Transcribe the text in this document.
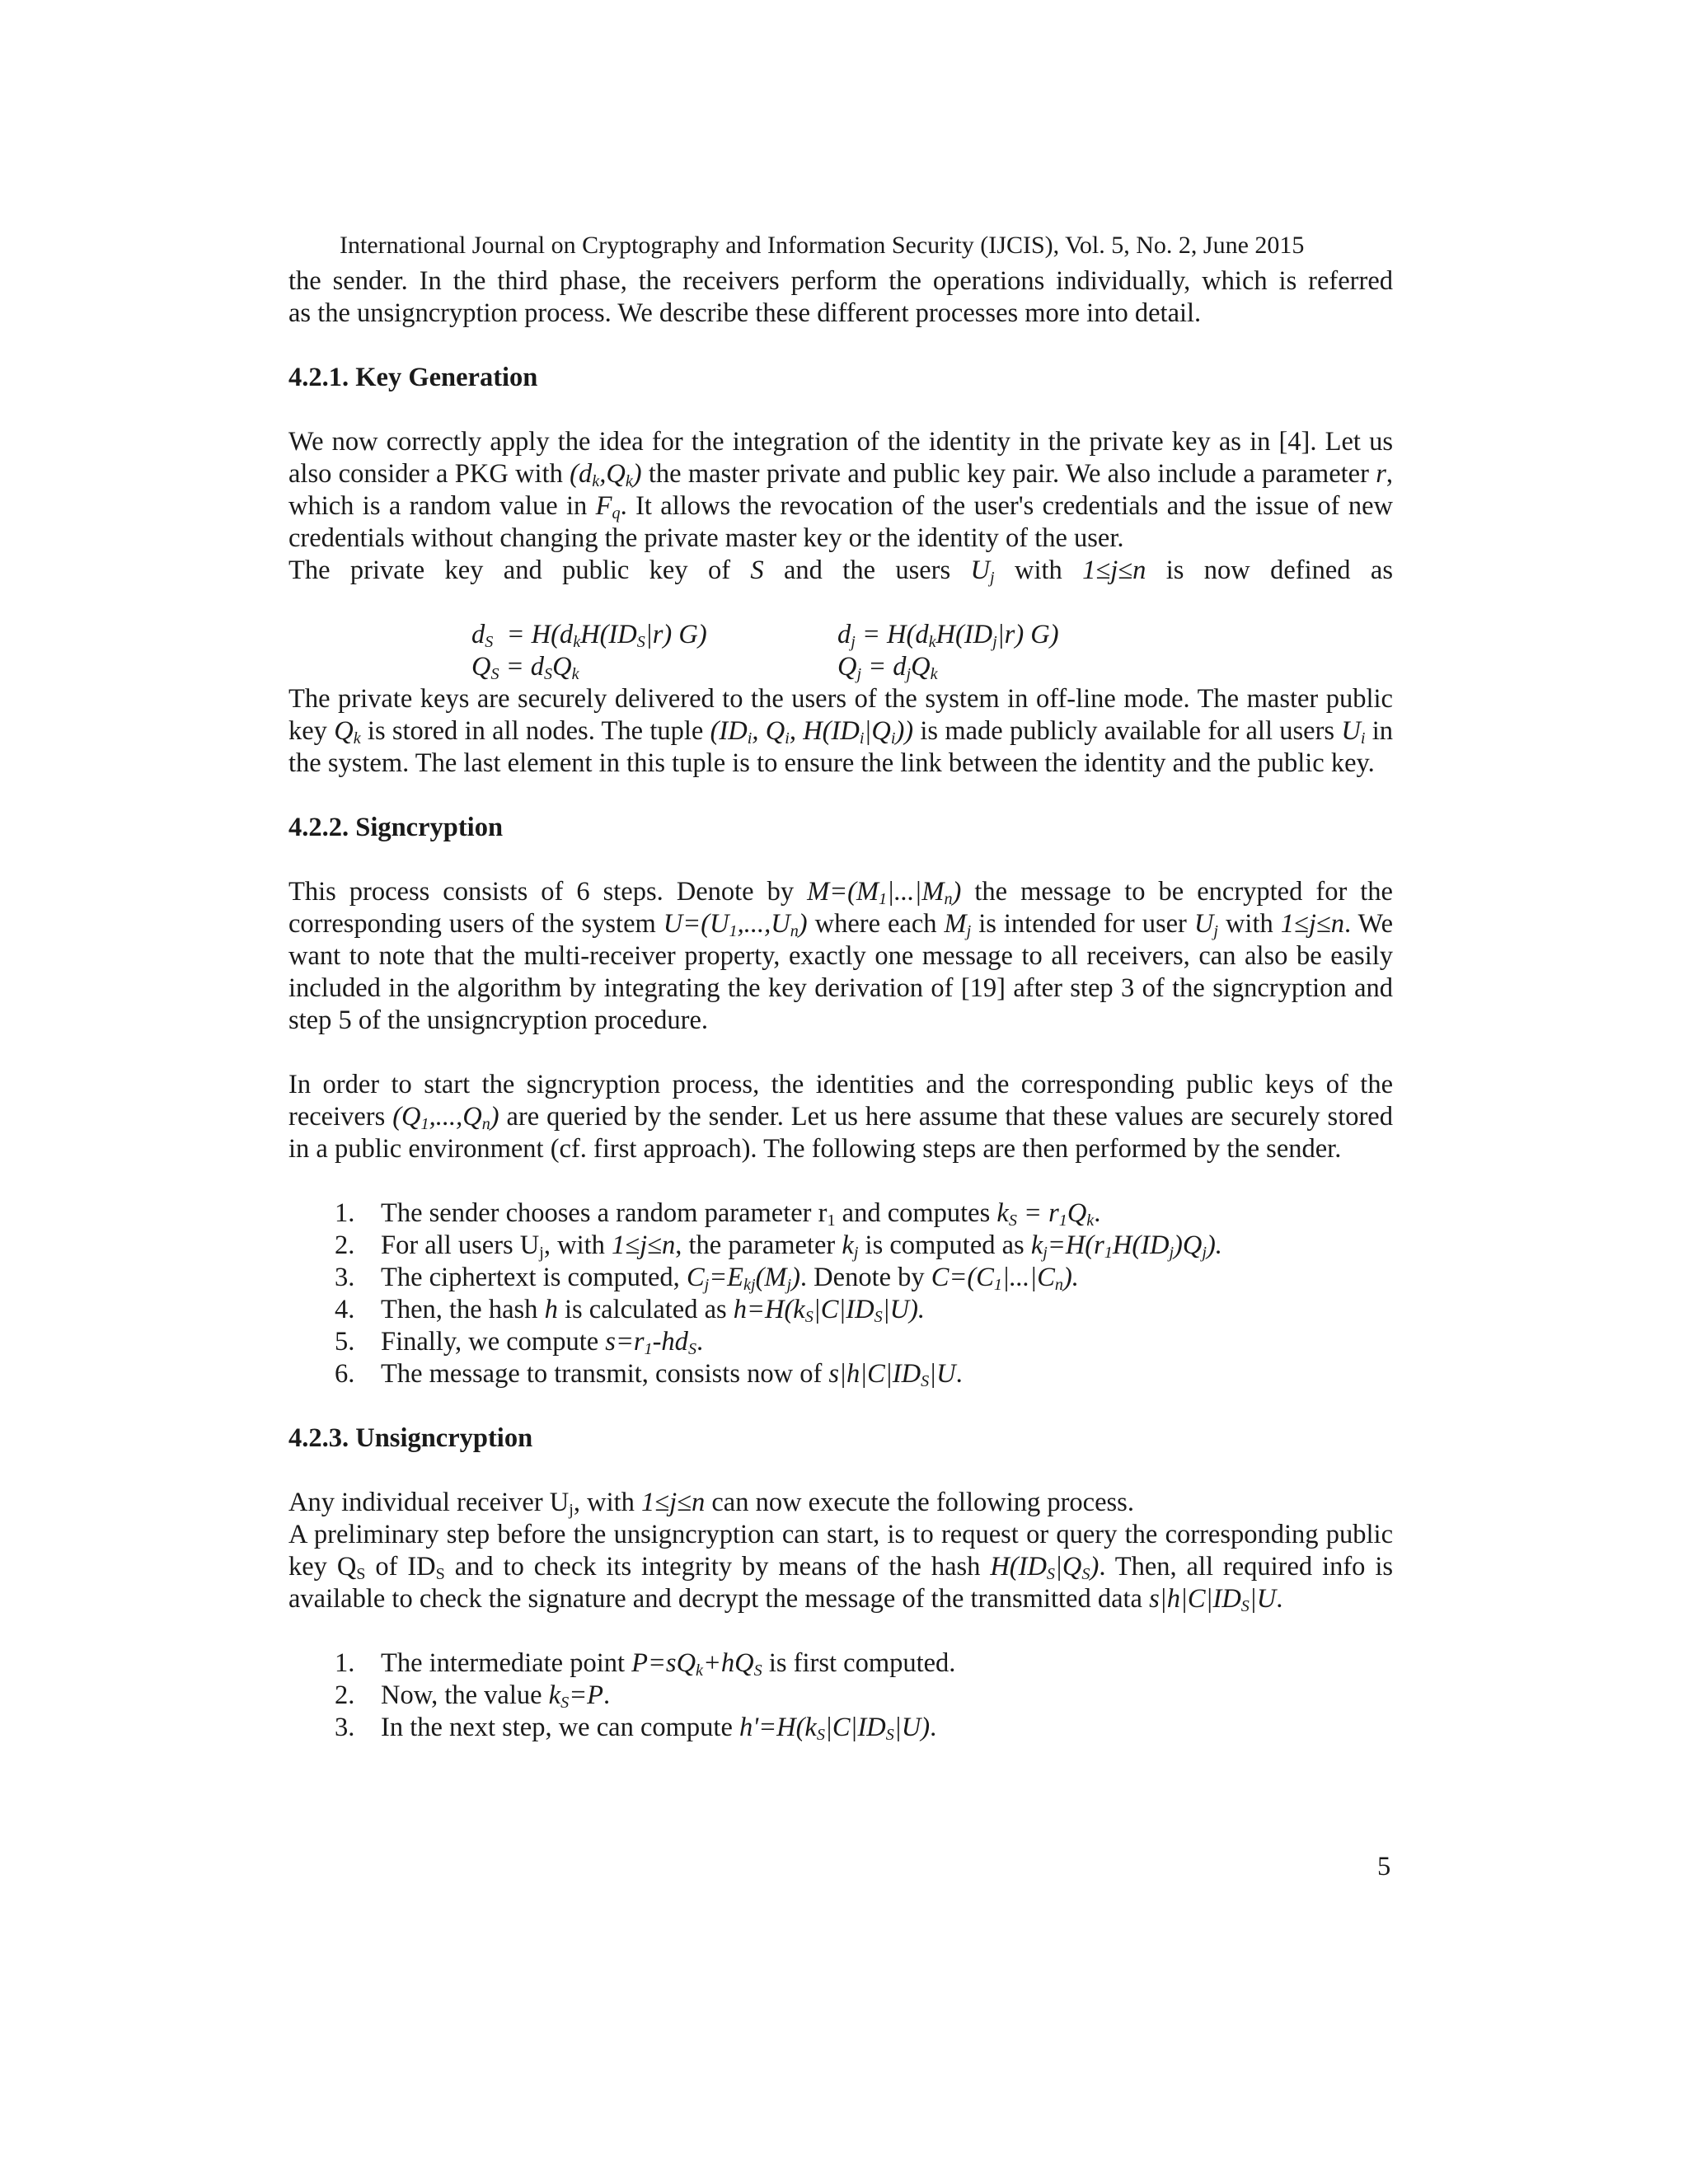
International Journal on Cryptography and Information Security (IJCIS), Vol. 5, No. 2, June 2015

the sender. In the third phase, the receivers perform the operations individually, which is referred

as the unsigncryption process. We describe these different processes more into detail.

4.2.1. Key Generation

We now correctly apply the idea for the integration of the identity in the private key as in [4]. Let us also consider a PKG with $(d_k,Q_k)$ the master private and public key pair. We also include a parameter r, which is a random value in $F_q$. It allows the revocation of the user's credentials and the issue of new credentials without changing the private master key or the identity of the user.

The private key and public key of S and the users $U_j$ with 1≤j≤n is now defined as

$d_S = H(d_kH(ID_S|r)$ G)	$d_j = H(d_kH(ID_j|r)$ G)
$Q_S = d_SQ_k$	$Q_j = d_jQ_k$

The private keys are securely delivered to the users of the system in off-line mode. The master public key $Q_k$ is stored in all nodes. The tuple ($ID_i$, $Q_i$, $H(ID_i|Q_i)$) is made publicly available for all users $U_i$ in the system. The last element in this tuple is to ensure the link between the identity and the public key.

4.2.2. Signcryption

This process consists of 6 steps. Denote by $M=(M_1|...|M_n)$ the message to be encrypted for the corresponding users of the system $U=(U_1,...,U_n)$ where each $M_j$ is intended for user $U_j$ with 1≤j≤n. We want to note that the multi-receiver property, exactly one message to all receivers, can also be easily included in the algorithm by integrating the key derivation of [19] after step 3 of the signcryption and step 5 of the unsigncryption procedure.

In order to start the signcryption process, the identities and the corresponding public keys of the receivers $(Q_1,...,Q_n)$ are queried by the sender. Let us here assume that these values are securely stored in a public environment (cf. first approach). The following steps are then performed by the sender.

1. The sender chooses a random parameter $r_1$ and computes $k_S = r_1Q_k$.
2. For all users $U_j$, with 1≤j≤n, the parameter $k_j$ is computed as $k_j=H(r_1H(ID_j)Q_j)$.
3. The ciphertext is computed, $C_j=E_{kj}(M_j)$. Denote by $C=(C_1|...|C_n)$.
4. Then, the hash h is calculated as $h=H(k_S|C|ID_S|U)$.
5. Finally, we compute $s=r_1-hd_S$.
6. The message to transmit, consists now of $s|h|C|ID_S|U$.
4.2.3. Unsigncryption

Any individual receiver $U_j$, with 1≤j≤n can now execute the following process.

A preliminary step before the unsigncryption can start, is to request or query the corresponding public key $Q_S$ of $ID_S$ and to check its integrity by means of the hash $H(ID_S|Q_S)$. Then, all required info is available to check the signature and decrypt the message of the transmitted data $s|h|C|ID_S|U$.

1. The intermediate point $P=sQ_k+hQ_S$ is first computed.
2. Now, the value $k_S=P$.
3. In the next step, we can compute $h'=H(k_S|C|ID_S|U)$.
5
